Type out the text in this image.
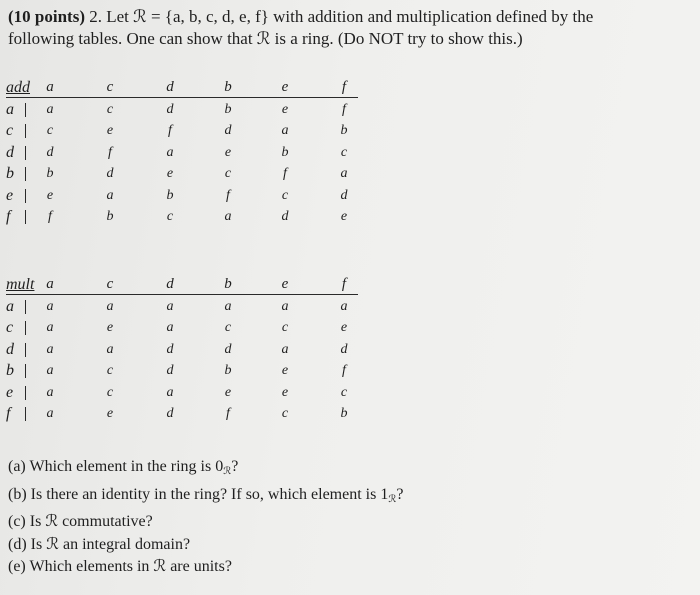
(10 points) 2. Let ℛ = {a, b, c, d, e, f} with addition and multiplication defined by the
following tables. One can show that ℛ is a ring. (Do NOT try to show this.)
add	a	c	d	b	e	f
a	a	c	d	b	e	f
c	c	e	f	d	a	b
d	d	f	a	e	b	c
b	b	d	e	c	f	a
e	e	a	b	f	c	d
f	f	b	c	a	d	e
mult a	c	d	b	e	f
a	a	a	a	a	a	a
c	a	e	a	c	c	e
d	a	a	d	d	a	d
b	a	c	d	b	e	f
e	a	c	a	e	e	c
f	a	e	d	f	c	b
(a) Which element in the ring is $0_ℛ$?
(b) Is there an identity in the ring? If so, which element is $1_ℛ$?
(c) Is ℛ commutative?
(d) Is ℛ an integral domain?
(e) Which elements in ℛ are units?
